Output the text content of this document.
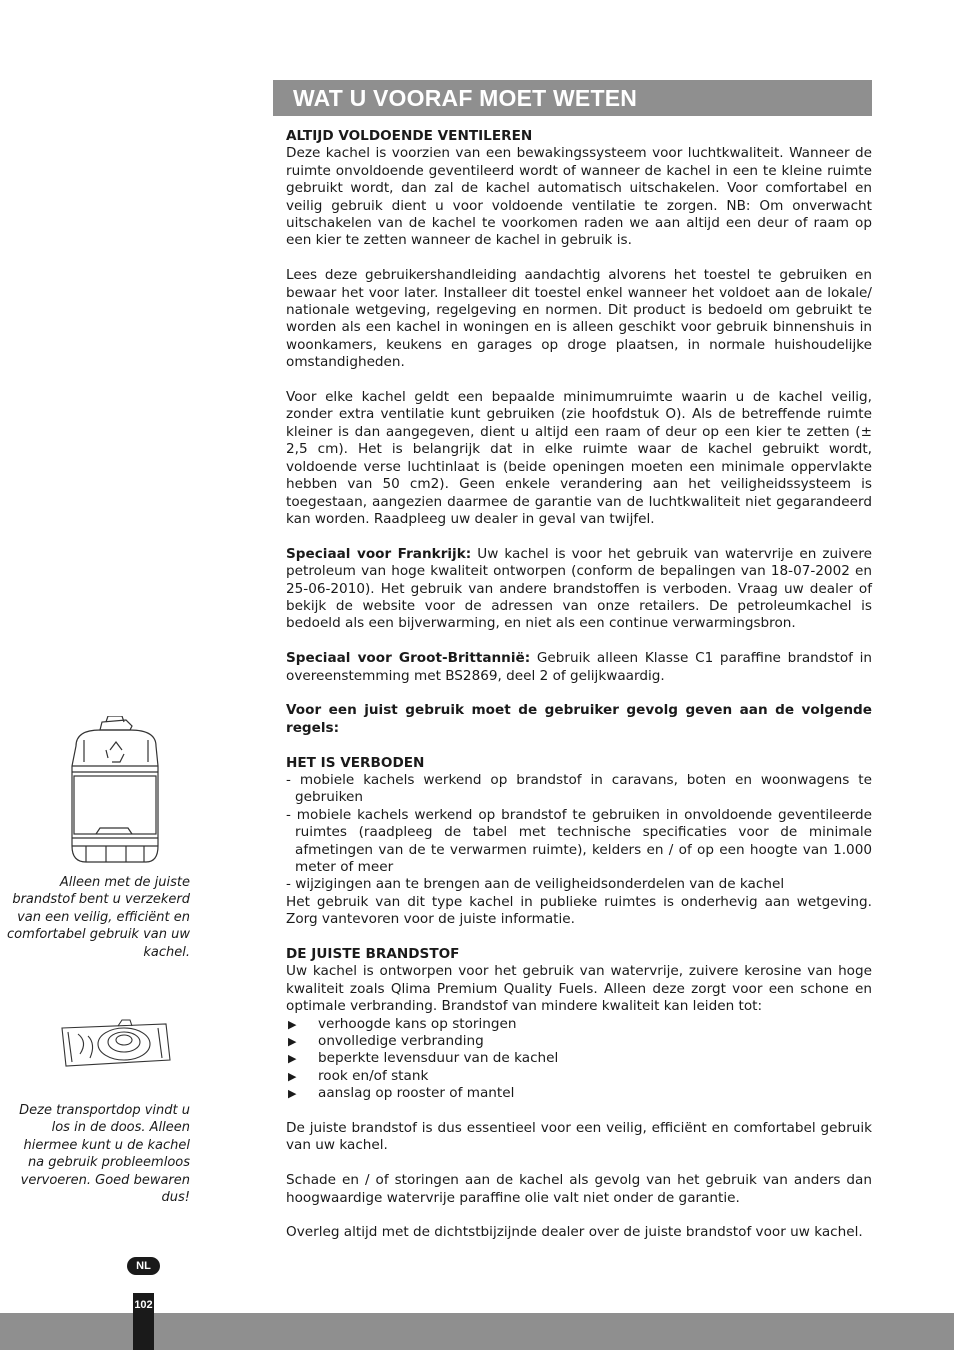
WAT U VOORAF MOET WETEN
ALTIJD VOLDOENDE VENTILEREN

Deze kachel is voorzien van een bewakingssysteem voor luchtkwaliteit. Wanneer de ruimte onvoldoende geventileerd wordt of wanneer de kachel in een te kleine ruimte gebruikt wordt, dan zal de kachel automatisch uitschakelen. Voor comfortabel en veilig gebruik dient u voor voldoende ventilatie te zorgen. NB: Om onverwacht uitschakelen van de kachel te voorkomen raden we aan altijd een deur of raam op een kier te zetten wanneer de kachel in gebruik is.

Lees deze gebruikershandleiding aandachtig alvorens het toestel te gebruiken en bewaar het voor later. Installeer dit toestel enkel wanneer het voldoet aan de lokale/ nationale wetgeving, regelgeving en normen. Dit product is bedoeld om gebruikt te worden als een kachel in woningen en is alleen geschikt voor gebruik binnenshuis in woonkamers, keukens en garages op droge plaatsen, in normale huishoudelijke omstandigheden.

Voor elke kachel geldt een bepaalde minimumruimte waarin u de kachel veilig, zonder extra ventilatie kunt gebruiken (zie hoofdstuk O). Als de betreffende ruimte kleiner is dan aangegeven, dient u altijd een raam of deur op een kier te zetten (± 2,5 cm). Het is belangrijk dat in elke ruimte waar de kachel gebruikt wordt, voldoende verse luchtinlaat is (beide openingen moeten een minimale oppervlakte hebben van 50 cm2). Geen enkele verandering aan het veiligheidssysteem is toegestaan, aangezien daarmee de garantie van de luchtkwaliteit niet gegarandeerd kan worden. Raadpleeg uw dealer in geval van twijfel.

Speciaal voor Frankrijk: Uw kachel is voor het gebruik van watervrije en zuivere petroleum van hoge kwaliteit ontworpen (conform de bepalingen van 18-07-2002 en 25-06-2010). Het gebruik van andere brandstoffen is verboden. Vraag uw dealer of bekijk de website voor de adressen van onze retailers. De petroleumkachel is bedoeld als een bijverwarming, en niet als een continue verwarmingsbron.

Speciaal voor Groot-Brittannië: Gebruik alleen Klasse C1 paraffine brandstof in overeenstemming met BS2869, deel 2 of gelijkwaardig.

Voor een juist gebruik moet de gebruiker gevolg geven aan de volgende regels:

HET IS VERBODEN
- mobiele kachels werkend op brandstof in caravans, boten en woonwagens te gebruiken
- mobiele kachels werkend op brandstof te gebruiken in onvoldoende geventileerde ruimtes (raadpleeg de tabel met technische specificaties voor de minimale afmetingen van de te verwarmen ruimte), kelders en / of op een hoogte van 1.000 meter of meer
- wijzigingen aan te brengen aan de veiligheidsonderdelen van de kachel

Het gebruik van dit type kachel in publieke ruimtes is onderhevig aan wetgeving. Zorg vantevoren voor de juiste informatie.

DE JUISTE BRANDSTOF

Uw kachel is ontworpen voor het gebruik van watervrije, zuivere kerosine van hoge kwaliteit zoals Qlima Premium Quality Fuels. Alleen deze zorgt voor een schone en optimale verbranding. Brandstof van mindere kwaliteit kan leiden tot:

▶ verhoogde kans op storingen
▶ onvolledige verbranding
▶ beperkte levensduur van de kachel
▶ rook en/of stank
▶ aanslag op rooster of mantel

De juiste brandstof is dus essentieel voor een veilig, efficiënt en comfortabel gebruik van uw kachel.

Schade en / of storingen aan de kachel als gevolg van het gebruik van anders dan hoogwaardige watervrije paraffine olie valt niet onder de garantie.

Overleg altijd met de dichtstbijzijnde dealer over de juiste brandstof voor uw kachel.

Alleen met de juiste brandstof bent u verzekerd van een veilig, efficiënt en comfortabel gebruik van uw kachel.
Deze transportdop vindt u los in de doos. Alleen hiermee kunt u de kachel na gebruik probleemloos vervoeren. Goed bewaren dus!
NL
102
